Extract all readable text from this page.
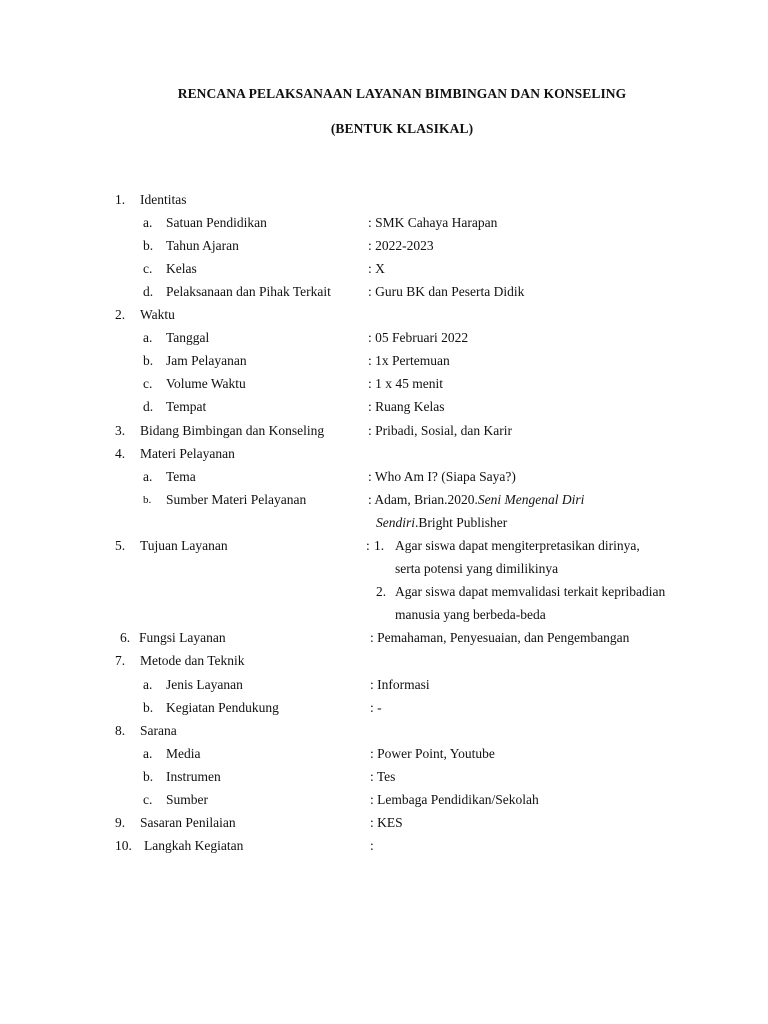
RENCANA PELAKSANAAN LAYANAN BIMBINGAN DAN KONSELING
(BENTUK KLASIKAL)
1. Identitas
a. Satuan Pendidikan	: SMK Cahaya Harapan
b. Tahun Ajaran	: 2022-2023
c. Kelas	: X
d. Pelaksanaan dan Pihak Terkait	: Guru BK dan Peserta Didik
2. Waktu
a. Tanggal	: 05 Februari 2022
b. Jam Pelayanan	: 1x Pertemuan
c. Volume Waktu	: 1 x 45 menit
d. Tempat	: Ruang Kelas
3. Bidang Bimbingan dan Konseling	: Pribadi, Sosial, dan Karir
4. Materi Pelayanan
a. Tema	: Who Am I? (Siapa Saya?)
b. Sumber Materi Pelayanan	: Adam, Brian.2020.Seni Mengenal Diri
Sendiri.Bright Publisher
5. Tujuan Layanan	: 1. Agar siswa dapat mengiterpretasikan dirinya,
serta potensi yang dimilikinya
2. Agar siswa dapat memvalidasi terkait kepribadian
manusia yang berbeda-beda
6. Fungsi Layanan	: Pemahaman, Penyesuaian, dan Pengembangan
7. Metode dan Teknik
a. Jenis Layanan	: Informasi
b. Kegiatan Pendukung	: -
8. Sarana
a. Media	: Power Point, Youtube
b. Instrumen	: Tes
c. Sumber	: Lembaga Pendidikan/Sekolah
9. Sasaran Penilaian	: KES
10. Langkah Kegiatan	:
